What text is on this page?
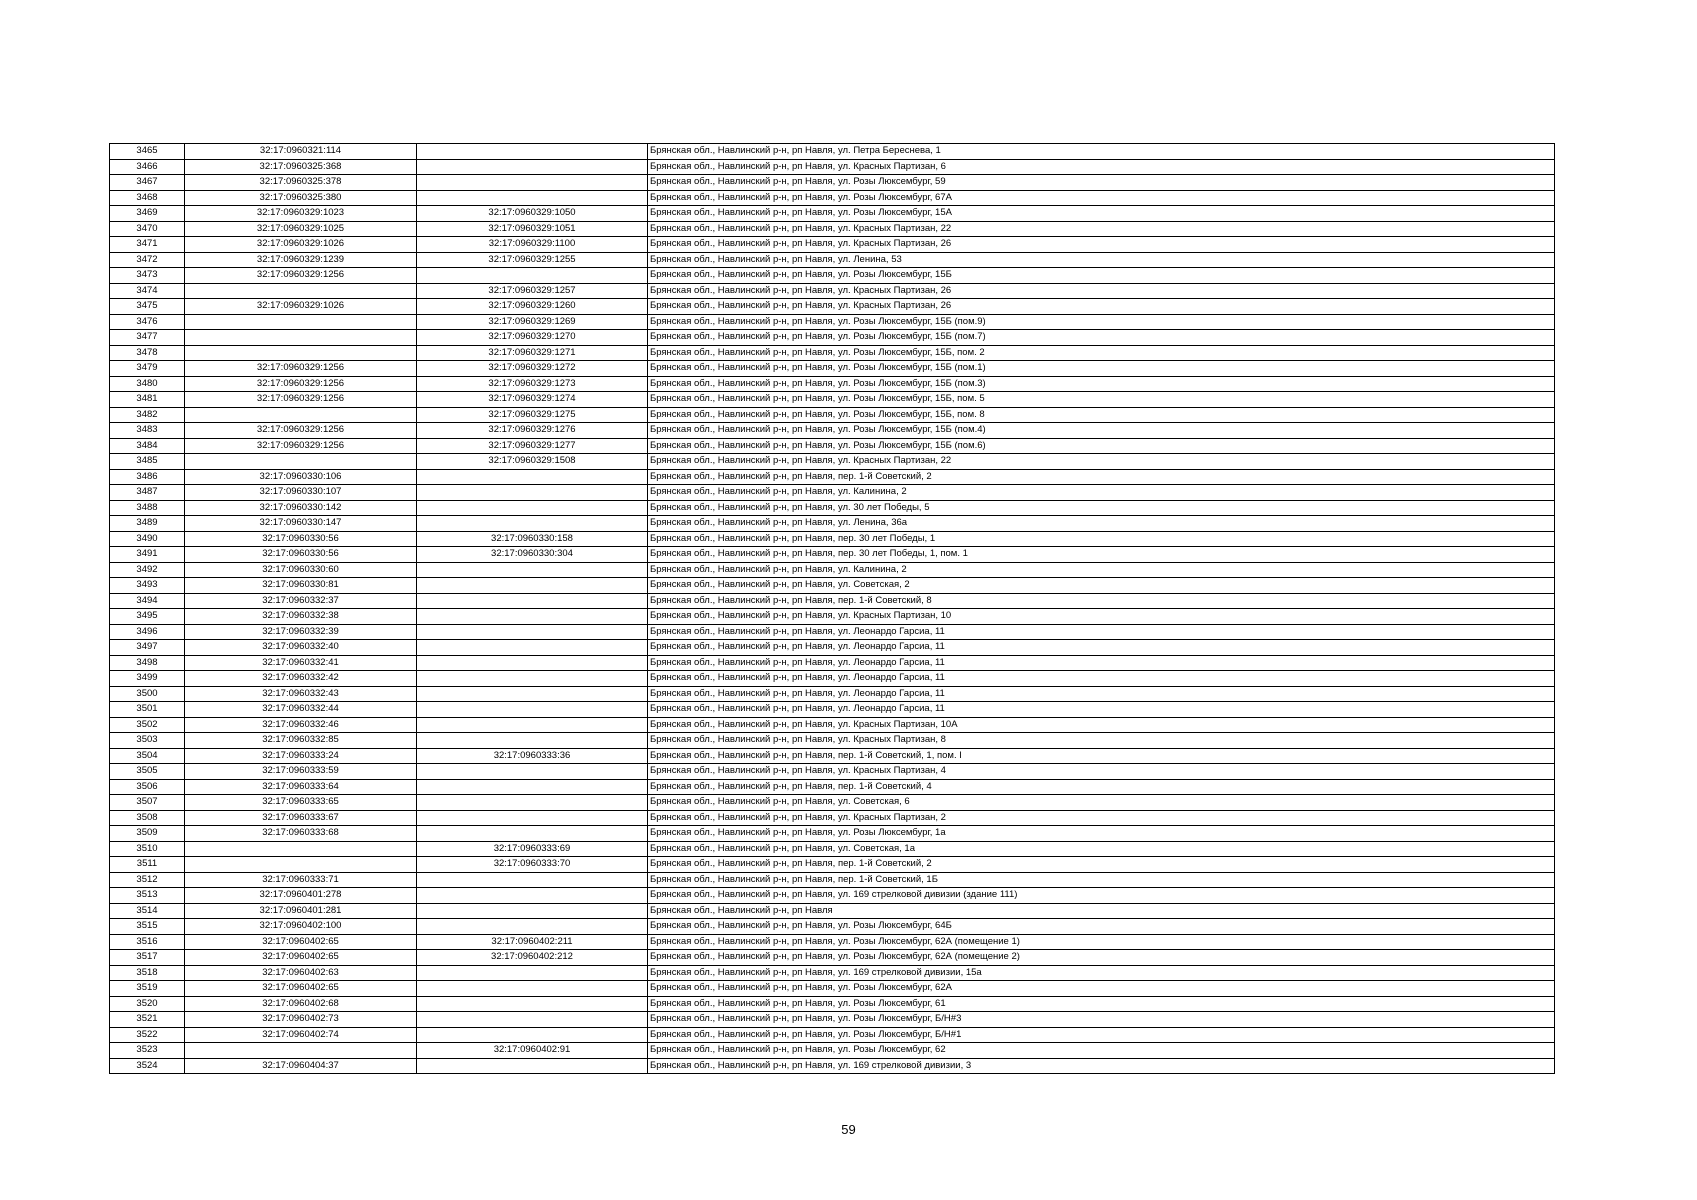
3465	32:17:0960321:114		Брянская обл., Навлинский р-н, рп Навля, ул. Петра Береснева, 1
3466	32:17:0960325:368		Брянская обл., Навлинский р-н, рп Навля, ул. Красных Партизан, 6
3467	32:17:0960325:378		Брянская обл., Навлинский р-н, рп Навля, ул. Розы Люксембург, 59
3468	32:17:0960325:380		Брянская обл., Навлинский р-н, рп Навля, ул. Розы Люксембург, 67А
3469	32:17:0960329:1023	32:17:0960329:1050	Брянская обл., Навлинский р-н, рп Навля, ул. Розы Люксембург, 15А
3470	32:17:0960329:1025	32:17:0960329:1051	Брянская обл., Навлинский р-н, рп Навля, ул. Красных Партизан, 22
3471	32:17:0960329:1026	32:17:0960329:1100	Брянская обл., Навлинский р-н, рп Навля, ул. Красных Партизан, 26
3472	32:17:0960329:1239	32:17:0960329:1255	Брянская обл., Навлинский р-н, рп Навля, ул. Ленина, 53
3473	32:17:0960329:1256		Брянская обл., Навлинский р-н, рп Навля, ул. Розы Люксембург, 15Б
3474		32:17:0960329:1257	Брянская обл., Навлинский р-н, рп Навля, ул. Красных Партизан, 26
3475	32:17:0960329:1026	32:17:0960329:1260	Брянская обл., Навлинский р-н, рп Навля, ул. Красных Партизан, 26
3476		32:17:0960329:1269	Брянская обл., Навлинский р-н, рп Навля, ул. Розы Люксембург, 15Б (пом.9)
3477		32:17:0960329:1270	Брянская обл., Навлинский р-н, рп Навля, ул. Розы Люксембург, 15Б (пом.7)
3478		32:17:0960329:1271	Брянская обл., Навлинский р-н, рп Навля, ул. Розы Люксембург, 15Б, пом. 2
3479	32:17:0960329:1256	32:17:0960329:1272	Брянская обл., Навлинский р-н, рп Навля, ул. Розы Люксембург, 15Б (пом.1)
3480	32:17:0960329:1256	32:17:0960329:1273	Брянская обл., Навлинский р-н, рп Навля, ул. Розы Люксембург, 15Б (пом.3)
3481	32:17:0960329:1256	32:17:0960329:1274	Брянская обл., Навлинский р-н, рп Навля, ул. Розы Люксембург, 15Б, пом. 5
3482		32:17:0960329:1275	Брянская обл., Навлинский р-н, рп Навля, ул. Розы Люксембург, 15Б, пом. 8
3483	32:17:0960329:1256	32:17:0960329:1276	Брянская обл., Навлинский р-н, рп Навля, ул. Розы Люксембург, 15Б (пом.4)
3484	32:17:0960329:1256	32:17:0960329:1277	Брянская обл., Навлинский р-н, рп Навля, ул. Розы Люксембург, 15Б (пом.6)
3485		32:17:0960329:1508	Брянская обл., Навлинский р-н, рп Навля, ул. Красных Партизан, 22
3486	32:17:0960330:106		Брянская обл., Навлинский р-н, рп Навля, пер. 1-й Советский, 2
3487	32:17:0960330:107		Брянская обл., Навлинский р-н, рп Навля, ул. Калинина, 2
3488	32:17:0960330:142		Брянская обл., Навлинский р-н, рп Навля, ул. 30 лет Победы, 5
3489	32:17:0960330:147		Брянская обл., Навлинский р-н, рп Навля, ул. Ленина, 36а
3490	32:17:0960330:56	32:17:0960330:158	Брянская обл., Навлинский р-н, рп Навля, пер. 30 лет Победы, 1
3491	32:17:0960330:56	32:17:0960330:304	Брянская обл., Навлинский р-н, рп Навля, пер. 30 лет Победы, 1, пом. 1
3492	32:17:0960330:60		Брянская обл., Навлинский р-н, рп Навля, ул. Калинина, 2
3493	32:17:0960330:81		Брянская обл., Навлинский р-н, рп Навля, ул. Советская, 2
3494	32:17:0960332:37		Брянская обл., Навлинский р-н, рп Навля, пер. 1-й Советский, 8
3495	32:17:0960332:38		Брянская обл., Навлинский р-н, рп Навля, ул. Красных Партизан, 10
3496	32:17:0960332:39		Брянская обл., Навлинский р-н, рп Навля, ул. Леонардо Гарсиа, 11
3497	32:17:0960332:40		Брянская обл., Навлинский р-н, рп Навля, ул. Леонардо Гарсиа, 11
3498	32:17:0960332:41		Брянская обл., Навлинский р-н, рп Навля, ул. Леонардо Гарсиа, 11
3499	32:17:0960332:42		Брянская обл., Навлинский р-н, рп Навля, ул. Леонардо Гарсиа, 11
3500	32:17:0960332:43		Брянская обл., Навлинский р-н, рп Навля, ул. Леонардо Гарсиа, 11
3501	32:17:0960332:44		Брянская обл., Навлинский р-н, рп Навля, ул. Леонардо Гарсиа, 11
3502	32:17:0960332:46		Брянская обл., Навлинский р-н, рп Навля, ул. Красных Партизан, 10А
3503	32:17:0960332:85		Брянская обл., Навлинский р-н, рп Навля, ул. Красных Партизан, 8
3504	32:17:0960333:24	32:17:0960333:36	Брянская обл., Навлинский р-н, рп Навля, пер. 1-й Советский, 1, пом. I
3505	32:17:0960333:59		Брянская обл., Навлинский р-н, рп Навля, ул. Красных Партизан, 4
3506	32:17:0960333:64		Брянская обл., Навлинский р-н, рп Навля, пер. 1-й Советский, 4
3507	32:17:0960333:65		Брянская обл., Навлинский р-н, рп Навля, ул. Советская, 6
3508	32:17:0960333:67		Брянская обл., Навлинский р-н, рп Навля, ул. Красных Партизан, 2
3509	32:17:0960333:68		Брянская обл., Навлинский р-н, рп Навля, ул. Розы Люксембург, 1а
3510		32:17:0960333:69	Брянская обл., Навлинский р-н, рп Навля, ул. Советская, 1а
3511		32:17:0960333:70	Брянская обл., Навлинский р-н, рп Навля, пер. 1-й Советский, 2
3512	32:17:0960333:71		Брянская обл., Навлинский р-н, рп Навля, пер. 1-й Советский, 1Б
3513	32:17:0960401:278		Брянская обл., Навлинский р-н, рп Навля, ул. 169 стрелковой дивизии (здание 111)
3514	32:17:0960401:281		Брянская обл., Навлинский р-н, рп Навля
3515	32:17:0960402:100		Брянская обл., Навлинский р-н, рп Навля, ул. Розы Люксембург, 64Б
3516	32:17:0960402:65	32:17:0960402:211	Брянская обл., Навлинский р-н, рп Навля, ул. Розы Люксембург, 62А (помещение 1)
3517	32:17:0960402:65	32:17:0960402:212	Брянская обл., Навлинский р-н, рп Навля, ул. Розы Люксембург, 62А (помещение 2)
3518	32:17:0960402:63		Брянская обл., Навлинский р-н, рп Навля, ул. 169 стрелковой дивизии, 15а
3519	32:17:0960402:65		Брянская обл., Навлинский р-н, рп Навля, ул. Розы Люксембург, 62А
3520	32:17:0960402:68		Брянская обл., Навлинский р-н, рп Навля, ул. Розы Люксембург, 61
3521	32:17:0960402:73		Брянская обл., Навлинский р-н, рп Навля, ул. Розы Люксембург, Б/Н#3
3522	32:17:0960402:74		Брянская обл., Навлинский р-н, рп Навля, ул. Розы Люксембург, Б/Н#1
3523		32:17:0960402:91	Брянская обл., Навлинский р-н, рп Навля, ул. Розы Люксембург, 62
3524	32:17:0960404:37		Брянская обл., Навлинский р-н, рп Навля, ул. 169 стрелковой дивизии, 3
59
